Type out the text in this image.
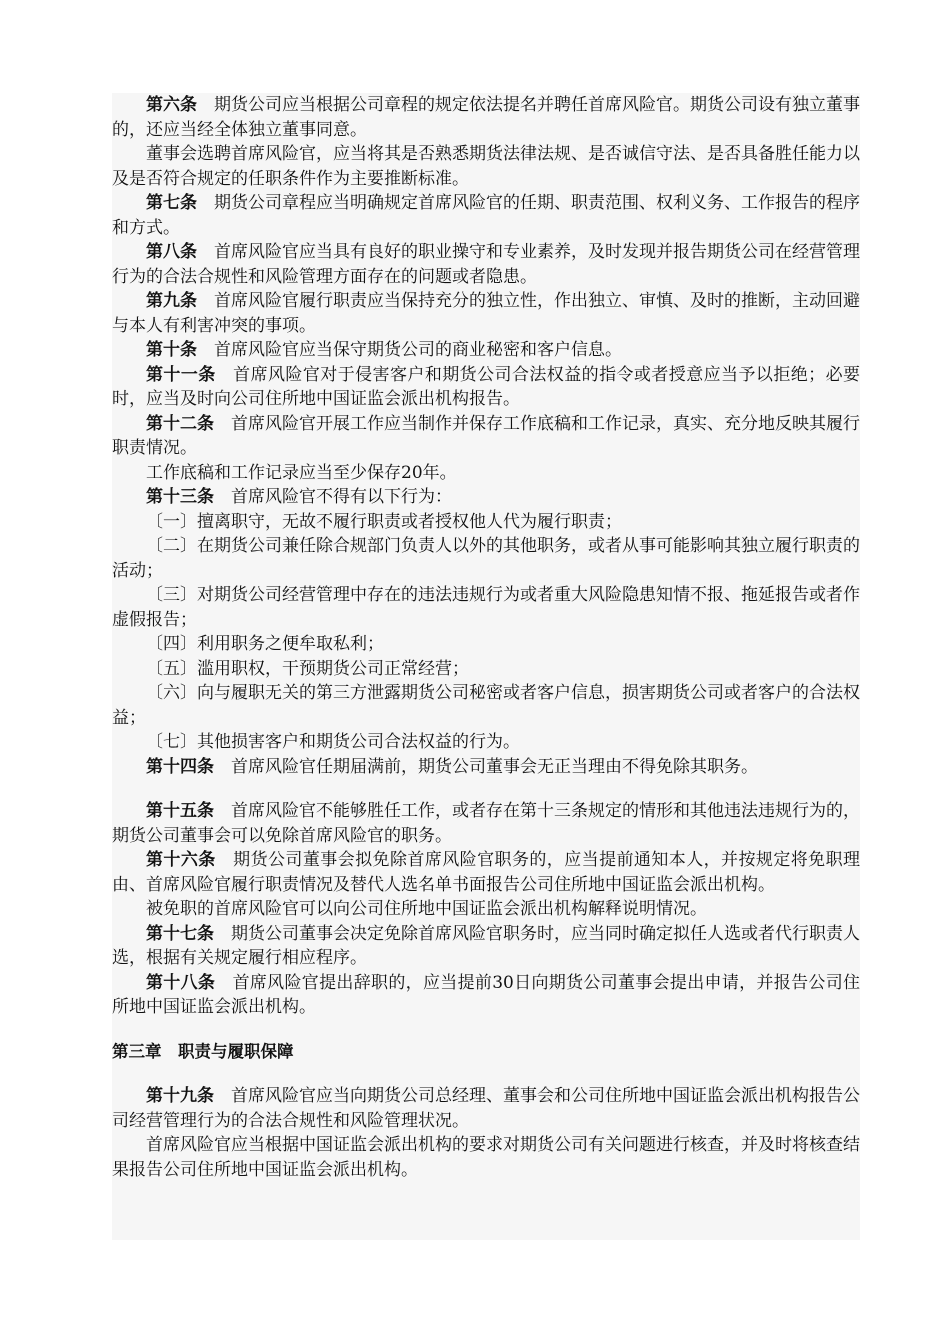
第六条　 期货公司应当根据公司章程的规定依法提名并聘任首席风险官。期货公司设有独立董事的，还应当经全体独立董事同意。

董事会选聘首席风险官，应当将其是否熟悉期货法律法规、是否诚信守法、是否具备胜任能力以及是否符合规定的任职条件作为主要推断标准。

第七条　 期货公司章程应当明确规定首席风险官的任期、职责范围、权利义务、工作报告的程序和方式。

第八条　 首席风险官应当具有良好的职业操守和专业素养，及时发现并报告期货公司在经营管理行为的合法合规性和风险管理方面存在的问题或者隐患。

第九条　 首席风险官履行职责应当保持充分的独立性，作出独立、审慎、及时的推断，主动回避与本人有利害冲突的事项。

第十条　 首席风险官应当保守期货公司的商业秘密和客户信息。

第十一条　 首席风险官对于侵害客户和期货公司合法权益的指令或者授意应当予以拒绝；必要时，应当及时向公司住所地中国证监会派出机构报告。

第十二条　 首席风险官开展工作应当制作并保存工作底稿和工作记录，真实、充分地反映其履行职责情况。

工作底稿和工作记录应当至少保存20年。

第十三条　 首席风险官不得有以下行为：

〔一〕擅离职守，无故不履行职责或者授权他人代为履行职责；

〔二〕在期货公司兼任除合规部门负责人以外的其他职务，或者从事可能影响其独立履行职责的活动；

〔三〕对期货公司经营管理中存在的违法违规行为或者重大风险隐患知情不报、拖延报告或者作虚假报告；

〔四〕利用职务之便牟取私利；

〔五〕滥用职权，干预期货公司正常经营；

〔六〕向与履职无关的第三方泄露期货公司秘密或者客户信息，损害期货公司或者客户的合法权益；

〔七〕其他损害客户和期货公司合法权益的行为。

第十四条　 首席风险官任期届满前，期货公司董事会无正当理由不得免除其职务。

第十五条　 首席风险官不能够胜任工作，或者存在第十三条规定的情形和其他违法违规行为的，期货公司董事会可以免除首席风险官的职务。

第十六条　 期货公司董事会拟免除首席风险官职务的，应当提前通知本人，并按规定将免职理由、首席风险官履行职责情况及替代人选名单书面报告公司住所地中国证监会派出机构。

被免职的首席风险官可以向公司住所地中国证监会派出机构解释说明情况。

第十七条　 期货公司董事会决定免除首席风险官职务时，应当同时确定拟任人选或者代行职责人选，根据有关规定履行相应程序。

第十八条　 首席风险官提出辞职的，应当提前30日向期货公司董事会提出申请，并报告公司住所地中国证监会派出机构。

第三章　职责与履职保障

第十九条　 首席风险官应当向期货公司总经理、董事会和公司住所地中国证监会派出机构报告公司经营管理行为的合法合规性和风险管理状况。

首席风险官应当根据中国证监会派出机构的要求对期货公司有关问题进行核查，并及时将核查结果报告公司住所地中国证监会派出机构。
